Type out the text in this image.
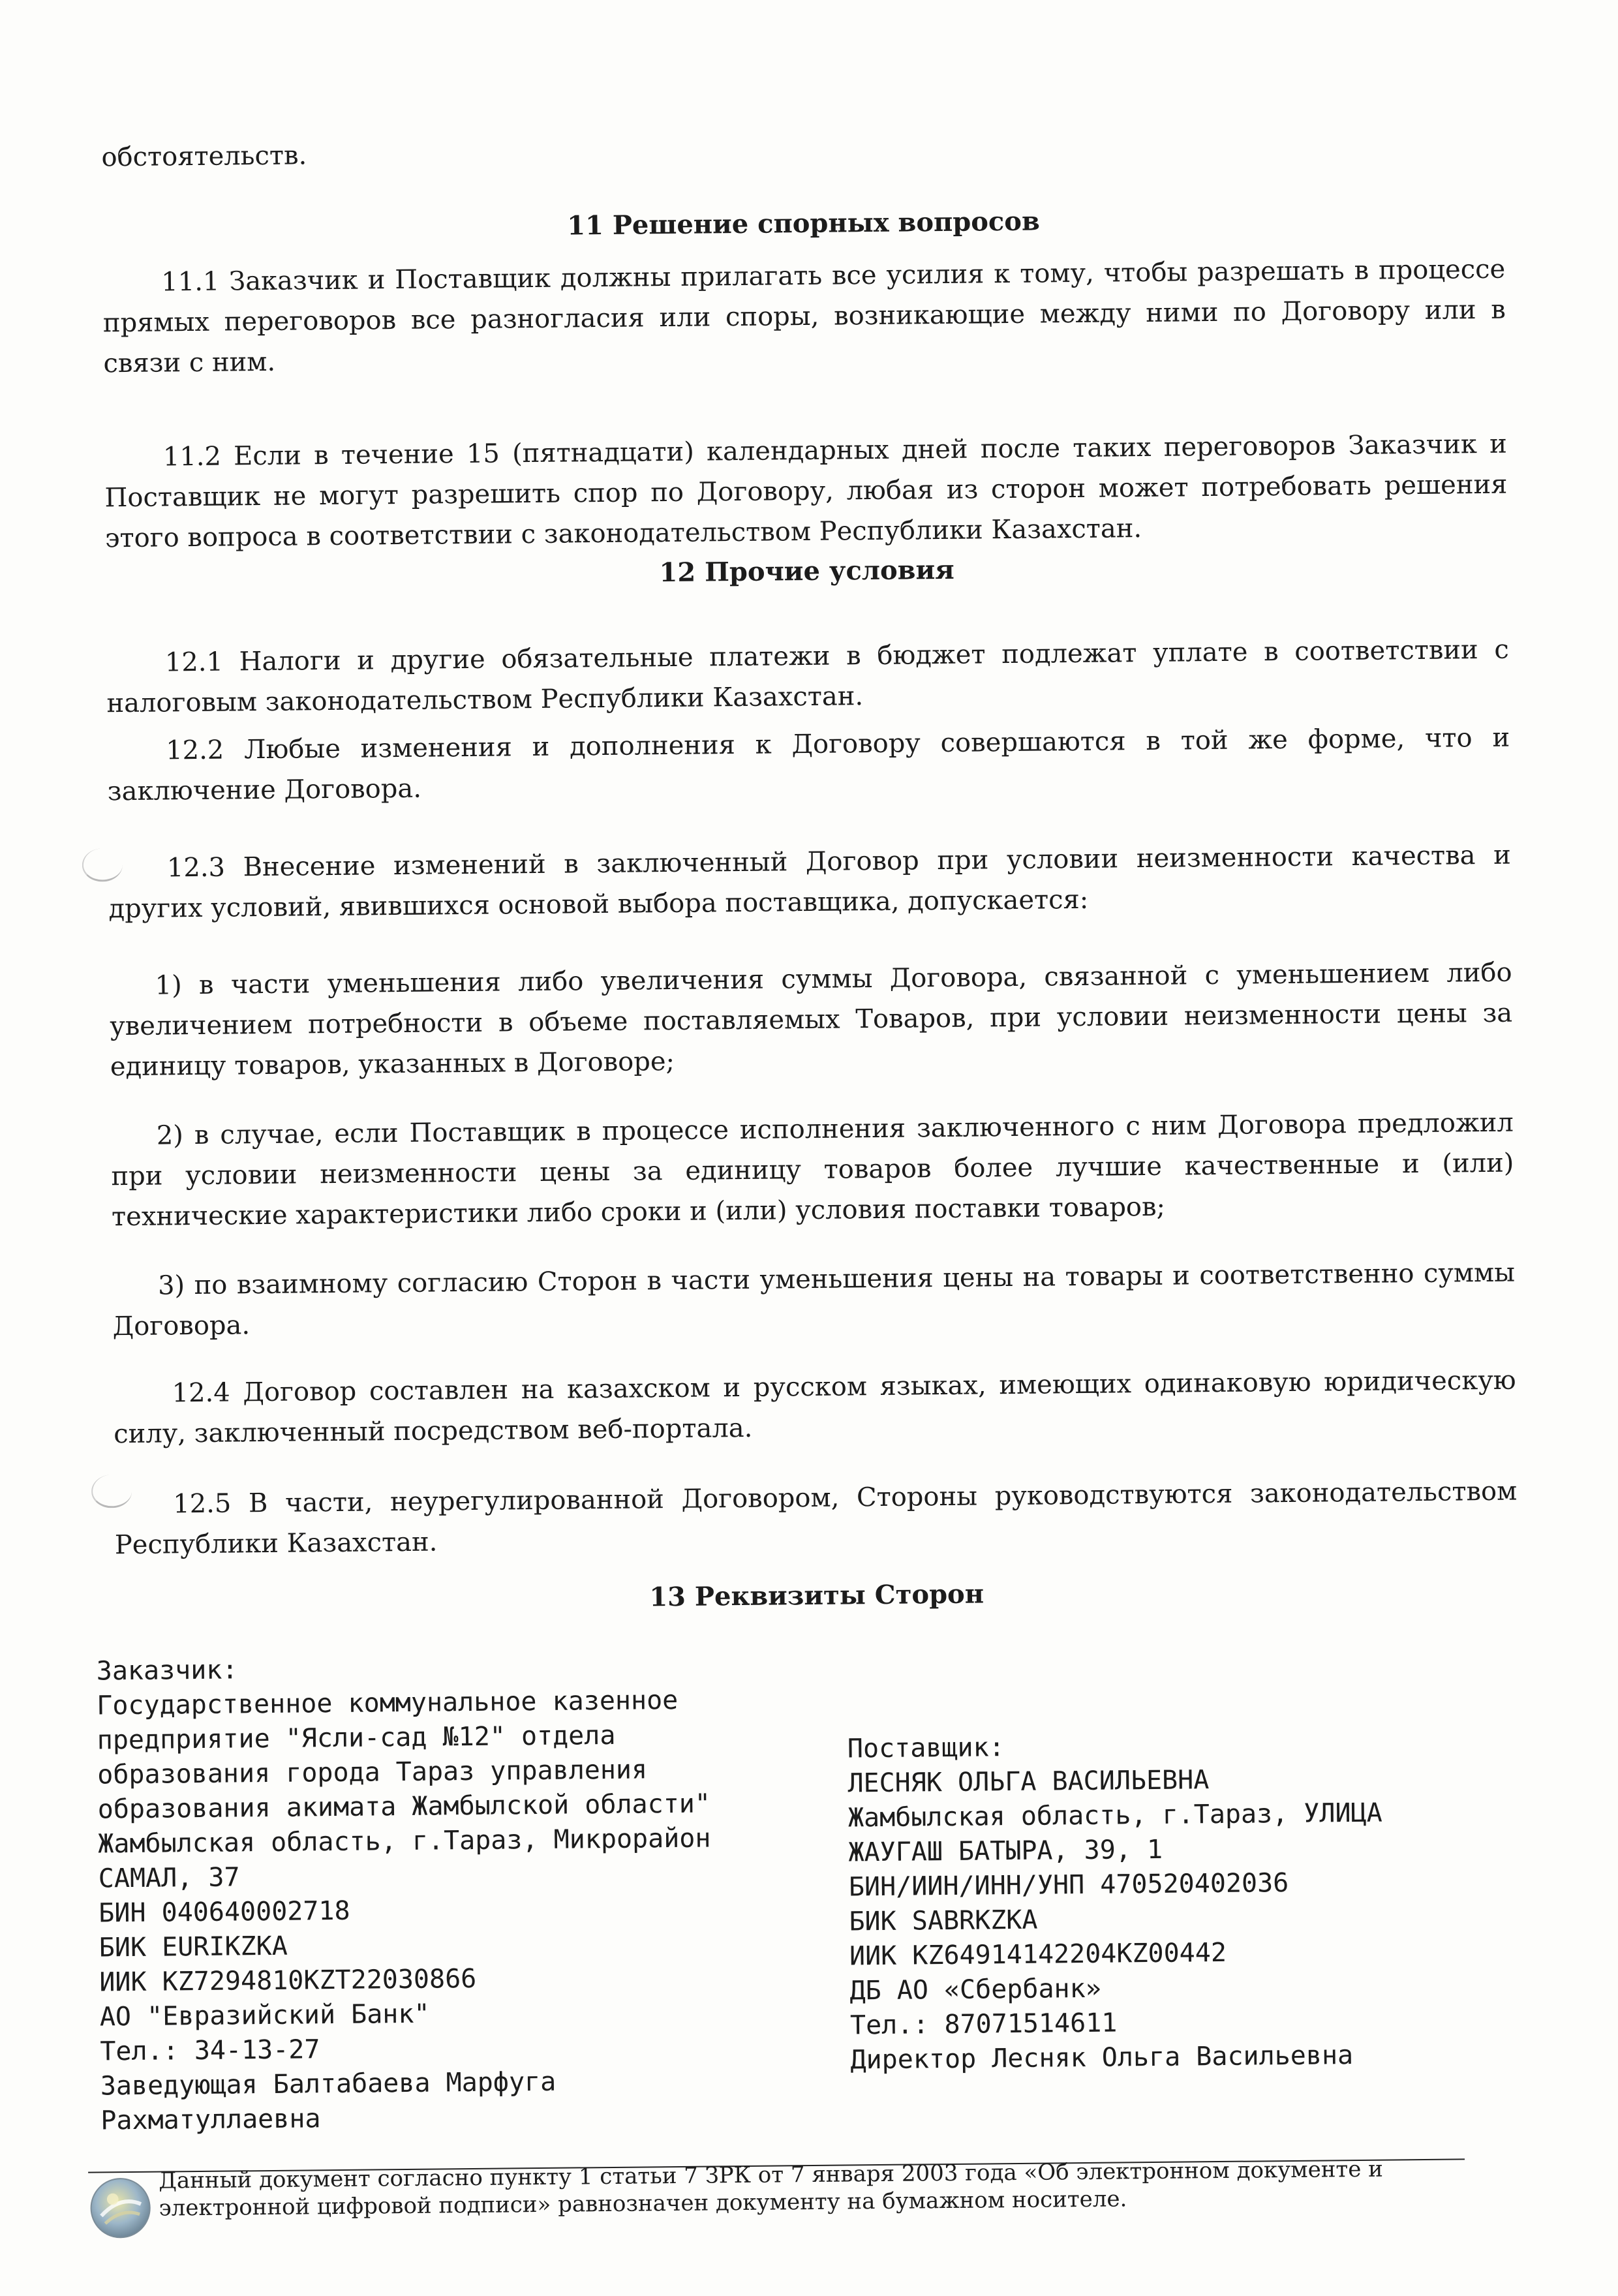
обстоятельств.

11 Решение спорных вопросов

11.1 Заказчик и Поставщик должны прилагать все усилия к тому, чтобы разрешать в процессе прямых переговоров все разногласия или споры, возникающие между ними по Договору или в связи с ним.

11.2 Если в течение 15 (пятнадцати) календарных дней после таких переговоров Заказчик и Поставщик не могут разрешить спор по Договору, любая из сторон может потребовать решения этого вопроса в соответствии с законодательством Республики Казахстан.

12 Прочие условия

12.1 Налоги и другие обязательные платежи в бюджет подлежат уплате в соответствии с налоговым законодательством Республики Казахстан.

12.2 Любые изменения и дополнения к Договору совершаются в той же форме, что и заключение Договора.

12.3 Внесение изменений в заключенный Договор при условии неизменности качества и других условий, явившихся основой выбора поставщика, допускается:

1) в части уменьшения либо увеличения суммы Договора, связанной с уменьшением либо увеличением потребности в объеме поставляемых Товаров, при условии неизменности цены за единицу товаров, указанных в Договоре;

2) в случае, если Поставщик в процессе исполнения заключенного с ним Договора предложил при условии неизменности цены за единицу товаров более лучшие качественные и (или) технические характеристики либо сроки и (или) условия поставки товаров;

3) по взаимному согласию Сторон в части уменьшения цены на товары и соответственно суммы Договора.

12.4 Договор составлен на казахском и русском языках, имеющих одинаковую юридическую силу, заключенный посредством веб-портала.

12.5 В части, неурегулированной Договором, Стороны руководствуются законодательством Республики Казахстан.

13 Реквизиты Сторон
Заказчик:
Государственное коммунальное казенное
предприятие "Ясли-сад №12" отдела
образования города Тараз управления
образования акимата Жамбылской области"
Жамбылская область, г.Тараз, Микрорайон
САМАЛ, 37
БИН 040640002718
БИК EURIKZKA
ИИК KZ7294810KZT22030866
АО "Евразийский Банк"
Тел.: 34-13-27
Заведующая Балтабаева Марфуга
Рахматуллаевна
Поставщик:
ЛЕСНЯК ОЛЬГА ВАСИЛЬЕВНА
Жамбылская область, г.Тараз, УЛИЦА
ЖАУГАШ БАТЫРА, 39, 1
БИН/ИИН/ИНН/УНП 470520402036
БИК SABRKZKA
ИИК KZ64914142204KZ00442
ДБ АО «Сбербанк»
Тел.: 87071514611
Директор Лесняк Ольга Васильевна

Данный документ согласно пункту 1 статьи 7 ЗРК от 7 января 2003 года «Об электронном документе и электронной цифровой подписи» равнозначен документу на бумажном носителе.
